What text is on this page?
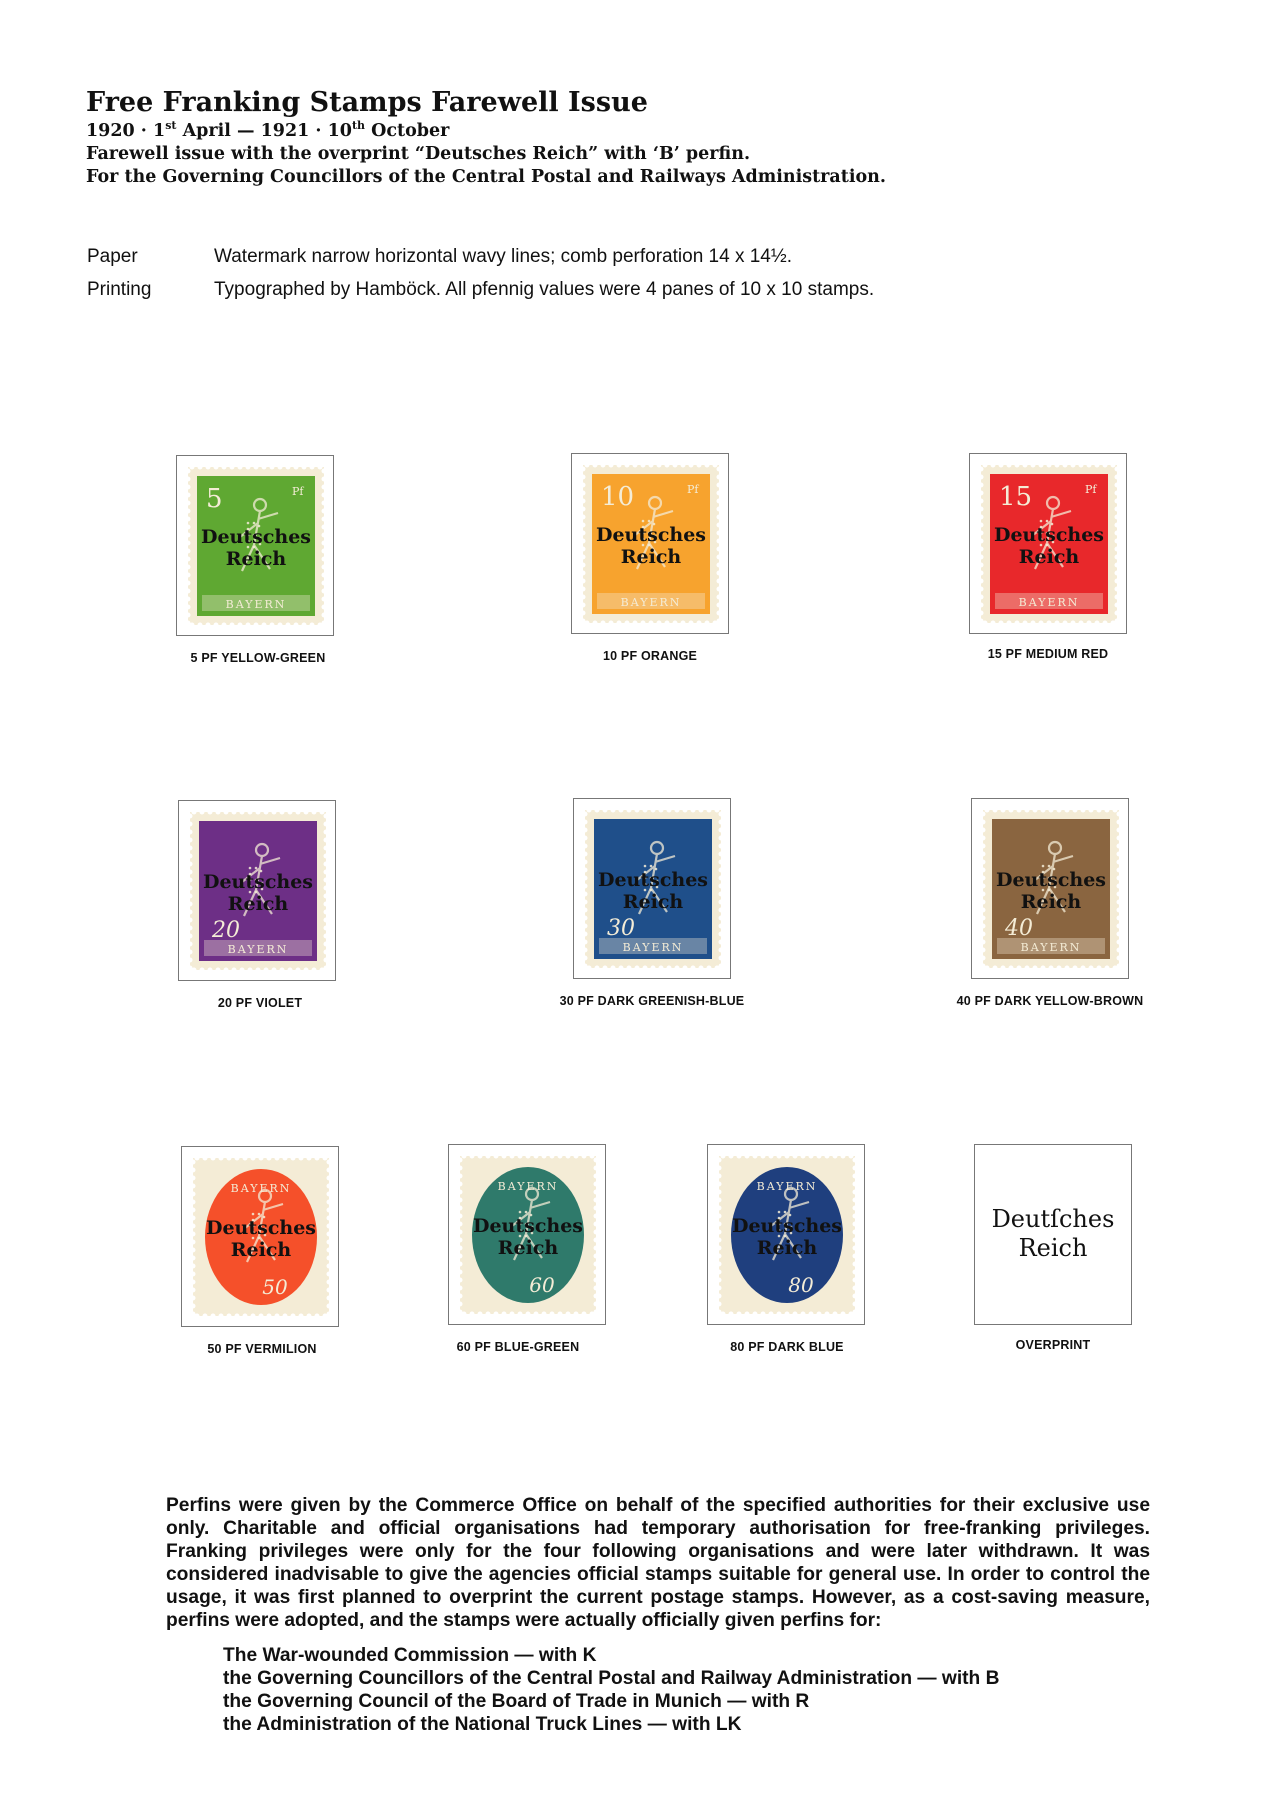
Free Franking Stamps Farewell Issue
1920 · 1st April — 1921 · 10th October
Farewell issue with the overprint “Deutsches Reich” with ‘B’ perfin.
For the Governing Councillors of the Central Postal and Railways Administration.
Paper	Watermark narrow horizontal wavy lines; comb perforation 14 x 14½.
Printing	Typographed by Hamböck. All pfennig values were 4 panes of 10 x 10 stamps.
BAYERN
5	Pf
Deutsches
Reich
5 PF YELLOW-GREEN
BAYERN
10	Pf
Deutsches
Reich
10 PF ORANGE
BAYERN
15	Pf
Deutsches
Reich
15 PF MEDIUM RED
BAYERN
20
Deutsches
Reich
20 PF VIOLET
BAYERN
30
Deutsches
Reich
30 PF DARK GREENISH-BLUE
BAYERN
40
Deutsches
Reich
40 PF DARK YELLOW-BROWN
BAYERN
50
Deutsches
Reich
50 PF VERMILION
BAYERN
60
Deutsches
Reich
60 PF BLUE-GREEN
BAYERN
80
Deutsches
Reich
80 PF DARK BLUE
Deutſches
Reich
OVERPRINT
Perfins were given by the Commerce Office on behalf of the specified authorities for their exclusive use only. Charitable and official organisations had temporary authorisation for free-franking privileges. Franking privileges were only for the four following organisations and were later withdrawn. It was considered inadvisable to give the agencies official stamps suitable for general use. In order to control the usage, it was first planned to overprint the current postage stamps. However, as a cost-saving measure, perfins were adopted, and the stamps were actually officially given perfins for:
The War-wounded Commission — with K
the Governing Councillors of the Central Postal and Railway Administration — with B
the Governing Council of the Board of Trade in Munich — with R
the Administration of the National Truck Lines — with LK
